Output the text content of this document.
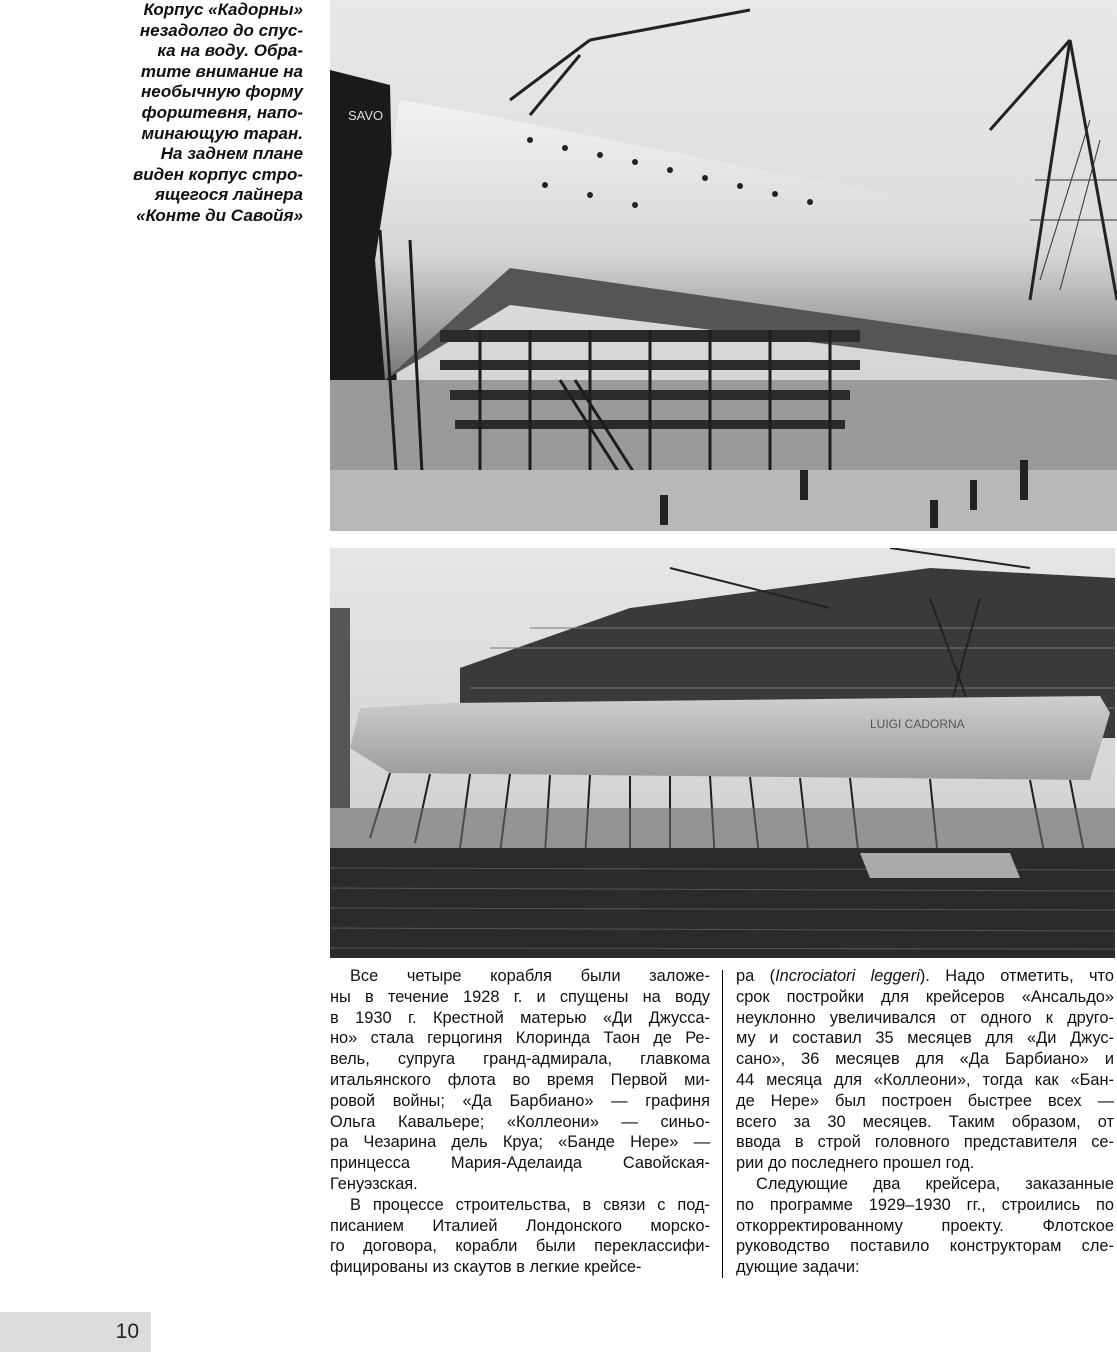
Корпус «Кадорны»
незадолго до спус-
ка на воду. Обра-
тите внимание на
необычную форму
форштевня, напо-
минающую таран.
На заднем плане
виден корпус стро-
ящегося лайнера
«Конте ди Савойя»
SAVO
LUIGI CADORNA

Все четыре корабля были заложе-
ны в течение 1928 г. и спущены на воду
в 1930 г. Крестной матерью «Ди Джусса-
но» стала герцогиня Клоринда Таон де Ре-
вель, супруга гранд-адмирала, главкома
итальянского флота во время Первой ми-
ровой войны; «Да Барбиано» — графиня
Ольга Кавальере; «Коллеони» — синьо-
ра Чезарина дель Круа; «Банде Нере» —
принцесса Мария-Аделаида Савойская-
Генуэзская.

В процессе строительства, в связи с под-
писанием Италией Лондонского морско-
го договора, корабли были переклассифи-
фицированы из скаутов в легкие крейсе-

ра (Incrociatori leggeri). Надо отметить, что
срок постройки для крейсеров «Ансальдо»
неуклонно увеличивался от одного к друго-
му и составил 35 месяцев для «Ди Джус-
сано», 36 месяцев для «Да Барбиано» и
44 месяца для «Коллеони», тогда как «Бан-
де Нере» был построен быстрее всех —
всего за 30 месяцев. Таким образом, от
ввода в строй головного представителя се-
рии до последнего прошел год.

Следующие два крейсера, заказанные
по программе 1929–1930 гг., строились по
откорректированному проекту. Флотское
руководство поставило конструкторам сле-
дующие задачи:

10
